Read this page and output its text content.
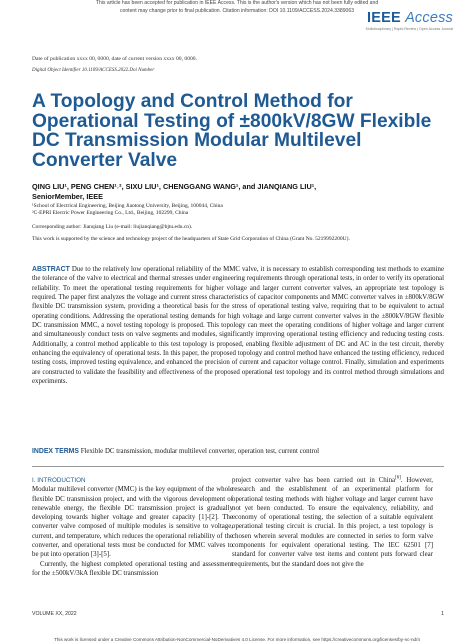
This article has been accepted for publication in IEEE Access. This is the author's version which has not been fully edited and
content may change prior to final publication. Citation information: DOI 10.1109/ACCESS.2024.3389063 IEEE Access
Multidisciplinary | Rapid Review | Open Access Journal
Date of publication xxxx 00, 0000, date of current version xxxx 00, 0000.
Digital Object Identifier 10.1109/ACCESS.2022.Doi Number
A Topology and Control Method for Operational Testing of ±800kV/8GW Flexible DC Transmission Modular Multilevel Converter Valve
QING LIU¹, PENG CHEN¹˒², SIXU LIU¹, CHENGGANG WANG¹, and JIANQIANG LIU¹,
SeniorMember, IEEE
¹School of Electrical Engineering, Beijing Jiaotong University, Beijing, 100044, China
²C-EPRI Electric Power Engineering Co., Ltd., Beijing, 102299, China
Corresponding author: Jianqiang Liu (e-mail: liujianqiang@bjtu.edu.cn).
This work is supported by the science and technology project of the headquarters of State Grid Corporation of China (Grant No. 5219992200U).
ABSTRACT Due to the relatively low operational reliability of the MMC valve, it is necessary to establish corresponding test methods to examine the tolerance of the valve to electrical and thermal stresses under engineering requirements through operational tests, in order to verify its operational reliability. To meet the operational testing requirements for higher voltage and larger current converter valves, an appropriate test topology is required. The paper first analyzes the voltage and current stress characteristics of capacitor components and MMC converter valves in ±800kV/8GW flexible DC transmission system, providing a theoretical basis for the stress of operational testing valve, requiring that to be equivalent to actual operating conditions. Addressing the operational testing demands for high voltage and large current converter valves in the ±800kV/8GW flexible DC transmission MMC, a novel testing topology is proposed. This topology can meet the operating conditions of higher voltage and larger current and simultaneously conduct tests on valve segments and modules, significantly improving operational testing efficiency and reducing testing costs. Additionally, a control method applicable to this test topology is proposed, enabling flexible adjustment of DC and AC in the test circuit, thereby enhancing the equivalency of operational tests. In this paper, the proposed topology and control method have enhanced the testing efficiency, reduced testing costs, improved testing equivalence, and enhanced the precision of current and capacitor voltage control. Finally, simulation and experiments are constructed to validate the feasibility and effectiveness of the proposed operational test topology and its control method through simulations and experiments.
INDEX TERMS Flexible DC transmission, modular multilevel converter, operation test, current control
I. INTRODUCTION
Modular multilevel converter (MMC) is the key equipment of the whole flexible DC transmission project, and with the vigorous development of renewable energy, the flexible DC transmission project is gradually developing towards higher voltage and greater capacity [1]-[2]. The converter valve composed of multiple modules is sensitive to voltage, current, and temperature, which reduces the operational reliability of the converter, and operational tests must be conducted for MMC valves to be put into operation [3]-[5].
Currently, the highest completed operational testing and assessment for the ±500kV/3kA flexible DC transmission
project converter valve has been carried out in China[6]. However, research and the establishment of an experimental platform for operational testing methods with higher voltage and larger current have not yet been conducted. To ensure the equivalency, reliability, and economy of operational testing, the selection of a suitable equivalent operational testing circuit is crucial. In this project, a test topology is chosen wherein several modules are connected in series to form valve components for equivalent operational testing. The IEC 62501 [7] standard for converter valve test items and content puts forward clear requirements, but the standard does not give the
VOLUME XX, 2022	1
This work is licensed under a Creative Commons Attribution-NonCommercial-NoDerivatives 4.0 License. For more information, see https://creativecommons.org/licenses/by-nc-nd/4
